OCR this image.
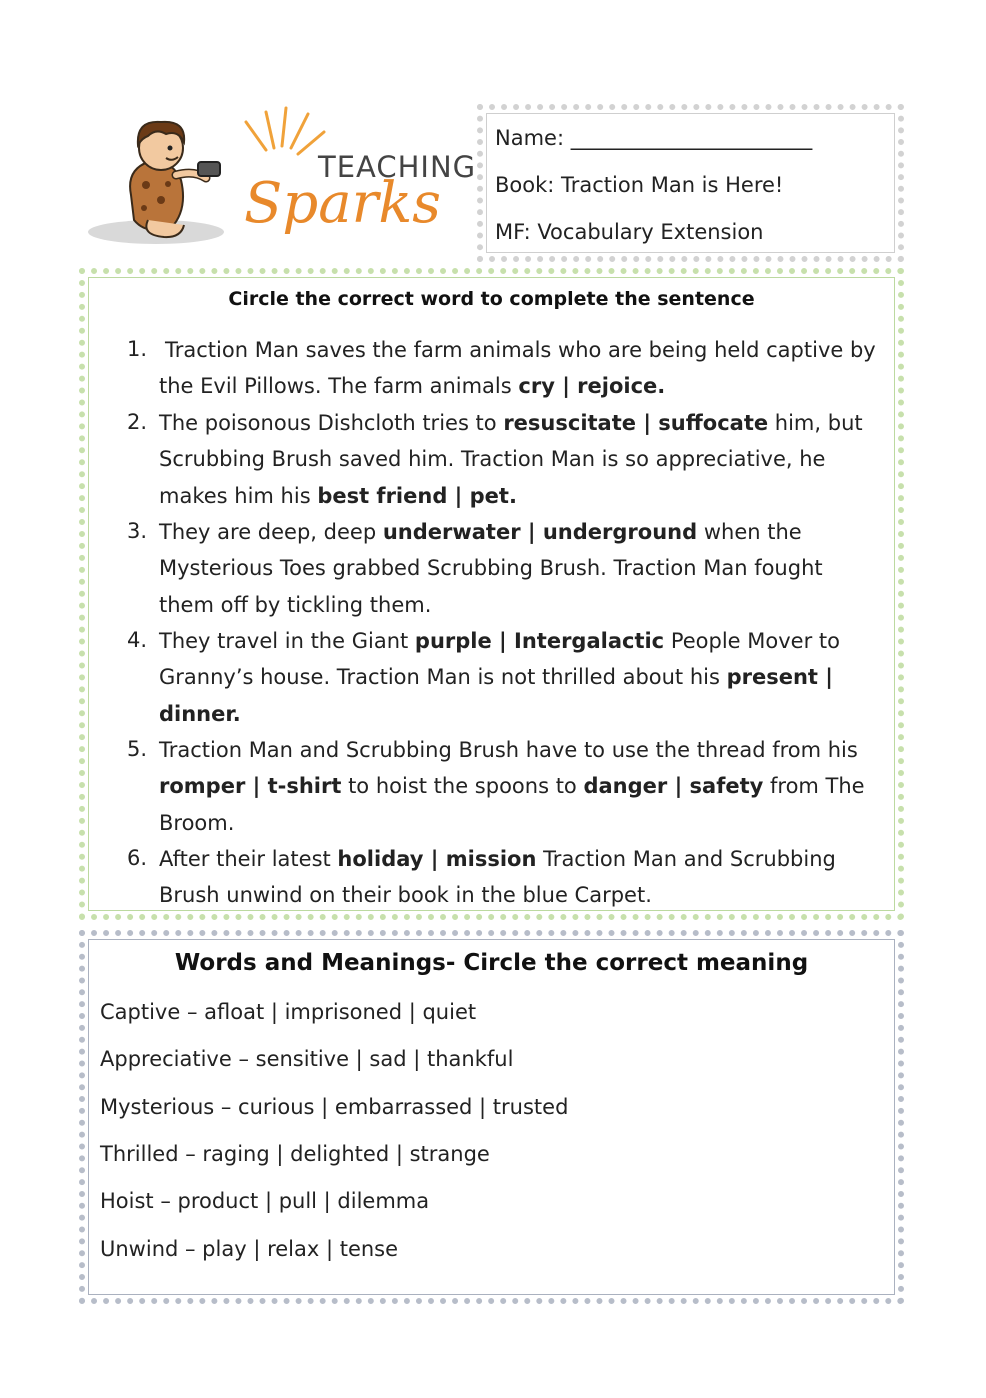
TEACHING
Sparks
Name: _______________________
Book: Traction Man is Here!
MF: Vocabulary Extension
Circle the correct word to complete the sentence
1. Traction Man saves the farm animals who are being held captive by
the Evil Pillows. The farm animals cry | rejoice.
2. The poisonous Dishcloth tries to resuscitate | suffocate him, but
Scrubbing Brush saved him. Traction Man is so appreciative, he
makes him his best friend | pet.
3. They are deep, deep underwater | underground when the
Mysterious Toes grabbed Scrubbing Brush. Traction Man fought
them off by tickling them.
4. They travel in the Giant purple | Intergalactic People Mover to
Granny’s house. Traction Man is not thrilled about his present |
dinner.
5. Traction Man and Scrubbing Brush have to use the thread from his
romper | t-shirt to hoist the spoons to danger | safety from The
Broom.
6. After their latest holiday | mission Traction Man and Scrubbing
Brush unwind on their book in the blue Carpet.
Words and Meanings- Circle the correct meaning
Captive – afloat | imprisoned | quiet
Appreciative – sensitive | sad | thankful
Mysterious – curious | embarrassed | trusted
Thrilled – raging | delighted | strange
Hoist – product | pull | dilemma
Unwind – play | relax | tense
